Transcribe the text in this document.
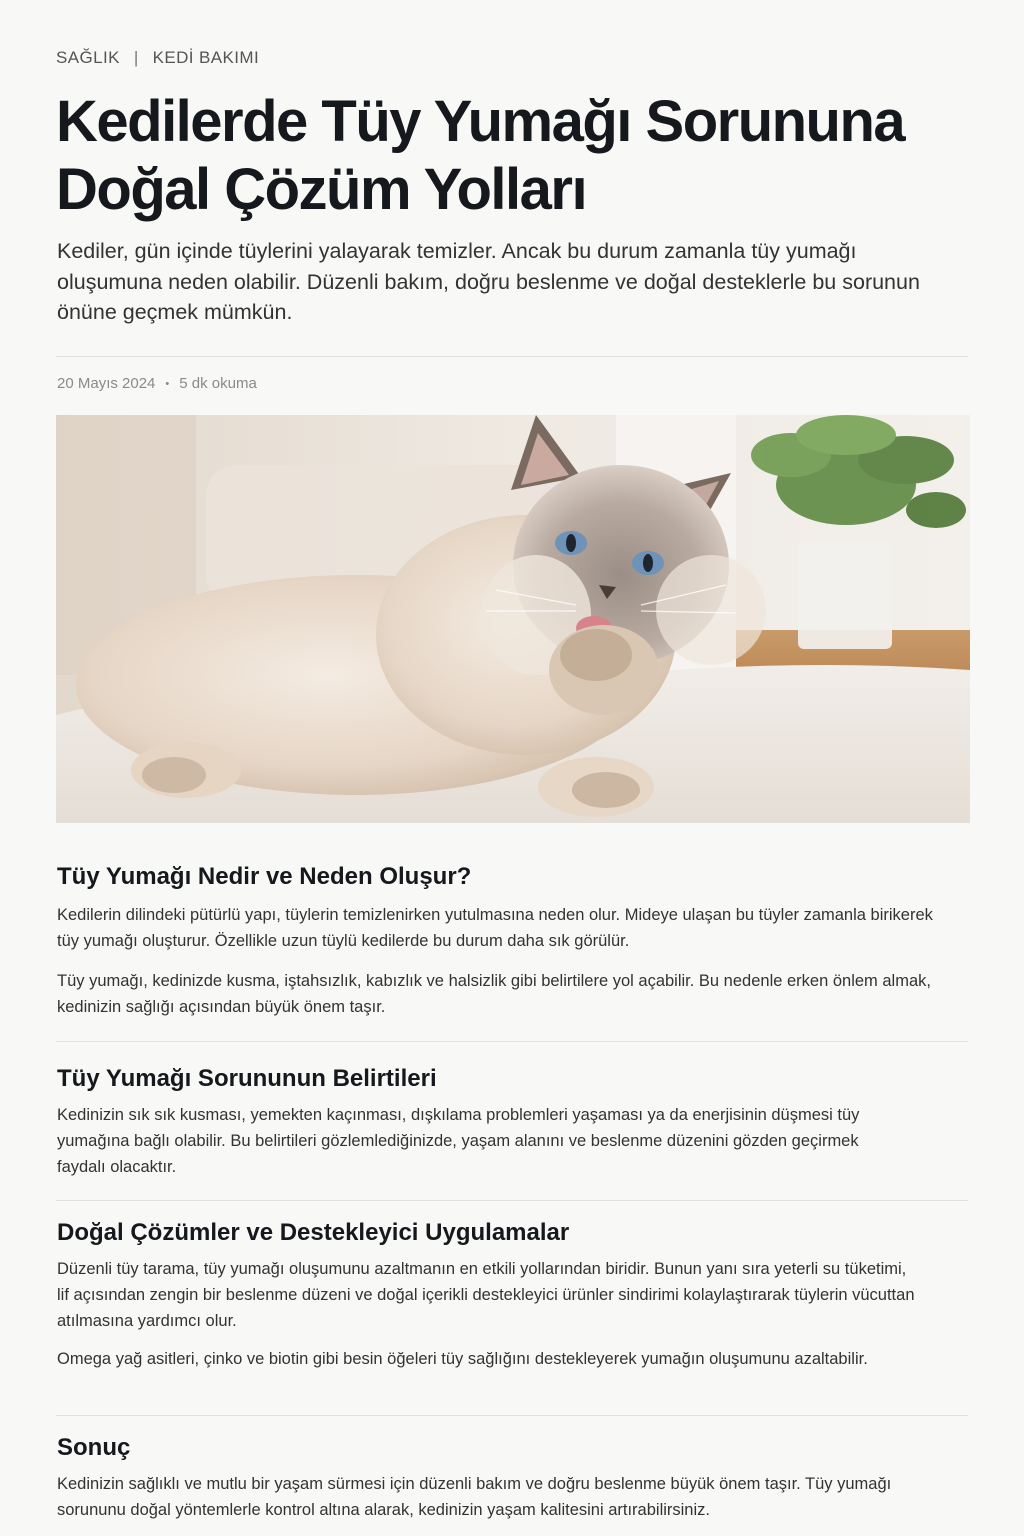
SAĞLIK | KEDİ BAKIMI
Kedilerde Tüy Yumağı Sorununa Doğal Çözüm Yolları

Kediler, gün içinde tüylerini yalayarak temizler. Ancak bu durum zamanla tüy yumağı oluşumuna neden olabilir. Düzenli bakım, doğru beslenme ve doğal desteklerle bu sorunun önüne geçmek mümkün.

20 Mayıs 2024 • 5 dk okuma
Tüy Yumağı Nedir ve Neden Oluşur?

Kedilerin dilindeki pütürlü yapı, tüylerin temizlenirken yutulmasına neden olur. Mideye ulaşan bu tüyler zamanla birikerek tüy yumağı oluşturur. Özellikle uzun tüylü kedilerde bu durum daha sık görülür.

Tüy yumağı, kedinizde kusma, iştahsızlık, kabızlık ve halsizlik gibi belirtilere yol açabilir. Bu nedenle erken önlem almak, kedinizin sağlığı açısından büyük önem taşır.

Tüy Yumağı Sorununun Belirtileri

Kedinizin sık sık kusması, yemekten kaçınması, dışkılama problemleri yaşaması ya da enerjisinin düşmesi tüy yumağına bağlı olabilir. Bu belirtileri gözlemlediğinizde, yaşam alanını ve beslenme düzenini gözden geçirmek faydalı olacaktır.

Doğal Çözümler ve Destekleyici Uygulamalar

Düzenli tüy tarama, tüy yumağı oluşumunu azaltmanın en etkili yollarından biridir. Bunun yanı sıra yeterli su tüketimi, lif açısından zengin bir beslenme düzeni ve doğal içerikli destekleyici ürünler sindirimi kolaylaştırarak tüylerin vücuttan atılmasına yardımcı olur.

Omega yağ asitleri, çinko ve biotin gibi besin öğeleri tüy sağlığını destekleyerek yumağın oluşumunu azaltabilir.

Sonuç

Kedinizin sağlıklı ve mutlu bir yaşam sürmesi için düzenli bakım ve doğru beslenme büyük önem taşır. Tüy yumağı sorununu doğal yöntemlerle kontrol altına alarak, kedinizin yaşam kalitesini artırabilirsiniz.
